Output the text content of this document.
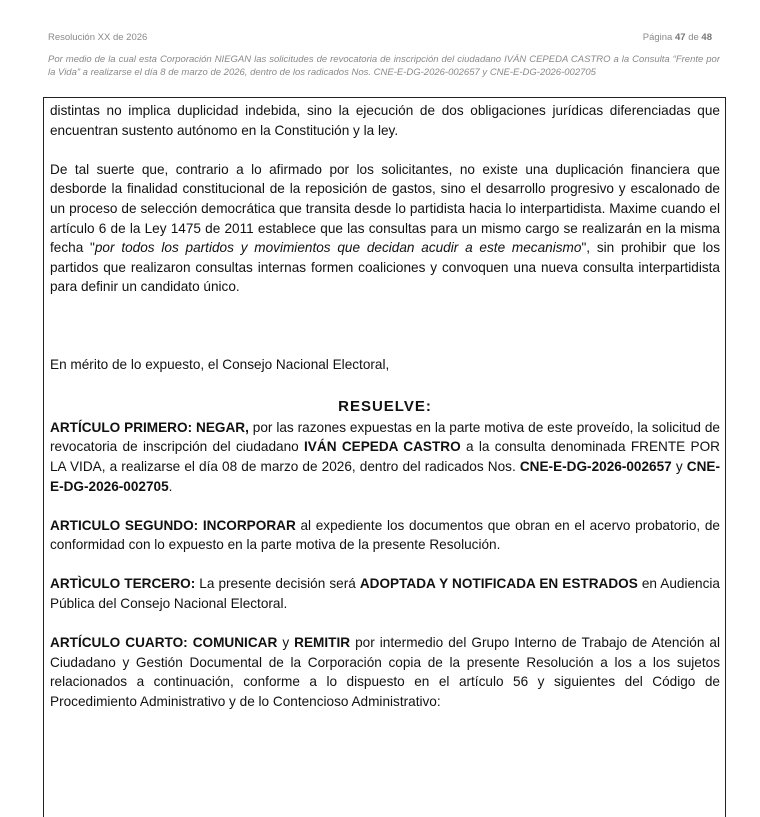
Resolución XX de 2026	Página 47 de 48
Por medio de la cual esta Corporación NIEGAN las solicitudes de revocatoria de inscripción del ciudadano IVÁN CEPEDA CASTRO a la Consulta “Frente por la Vida” a realizarse el día 8 de marzo de 2026, dentro de los radicados Nos. CNE-E-DG-2026-002657 y CNE-E-DG-2026-002705

distintas no implica duplicidad indebida, sino la ejecución de dos obligaciones jurídicas diferenciadas que encuentran sustento autónomo en la Constitución y la ley.

De tal suerte que, contrario a lo afirmado por los solicitantes, no existe una duplicación financiera que desborde la finalidad constitucional de la reposición de gastos, sino el desarrollo progresivo y escalonado de un proceso de selección democrática que transita desde lo partidista hacia lo interpartidista. Maxime cuando el artículo 6 de la Ley 1475 de 2011 establece que las consultas para un mismo cargo se realizarán en la misma fecha "por todos los partidos y movimientos que decidan acudir a este mecanismo", sin prohibir que los partidos que realizaron consultas internas formen coaliciones y convoquen una nueva consulta interpartidista para definir un candidato único.

En mérito de lo expuesto, el Consejo Nacional Electoral,

RESUELVE:

ARTÍCULO PRIMERO: NEGAR, por las razones expuestas en la parte motiva de este proveído, la solicitud de revocatoria de inscripción del ciudadano IVÁN CEPEDA CASTRO a la consulta denominada FRENTE POR LA VIDA, a realizarse el día 08 de marzo de 2026, dentro del radicados Nos. CNE-E-DG-2026-002657 y CNE-E-DG-2026-002705.

ARTICULO SEGUNDO: INCORPORAR al expediente los documentos que obran en el acervo probatorio, de conformidad con lo expuesto en la parte motiva de la presente Resolución.

ARTÌCULO TERCERO: La presente decisión será ADOPTADA Y NOTIFICADA EN ESTRADOS en Audiencia Pública del Consejo Nacional Electoral.

ARTÍCULO CUARTO: COMUNICAR y REMITIR por intermedio del Grupo Interno de Trabajo de Atención al Ciudadano y Gestión Documental de la Corporación copia de la presente Resolución a los a los sujetos relacionados a continuación, conforme a lo dispuesto en el artículo 56 y siguientes del Código de Procedimiento Administrativo y de lo Contencioso Administrativo:
